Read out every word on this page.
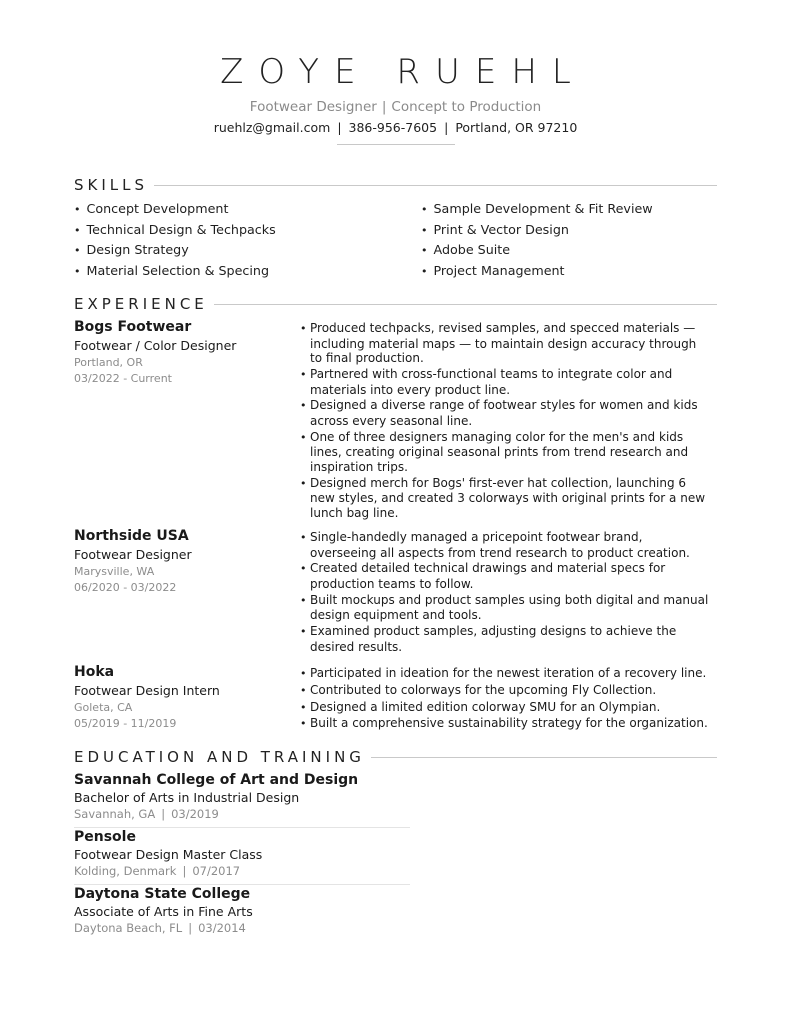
ZOYE RUEHL
Footwear Designer | Concept to Production
ruehlz@gmail.com | 386-956-7605 | Portland, OR 97210
SKILLS
• Concept Development	• Sample Development & Fit Review
• Technical Design & Techpacks	• Print & Vector Design
• Design Strategy	• Adobe Suite
• Material Selection & Specing	• Project Management
EXPERIENCE
Bogs Footwear
Footwear / Color Designer
Portland, OR
03/2022 - Current
• Produced techpacks, revised samples, and specced materials — including material maps — to maintain design accuracy through to final production.
• Partnered with cross-functional teams to integrate color and materials into every product line.
• Designed a diverse range of footwear styles for women and kids across every seasonal line.
• One of three designers managing color for the men's and kids lines, creating original seasonal prints from trend research and inspiration trips.
• Designed merch for Bogs' first-ever hat collection, launching 6 new styles, and created 3 colorways with original prints for a new lunch bag line.
Northside USA
Footwear Designer
Marysville, WA
06/2020 - 03/2022
• Single-handedly managed a pricepoint footwear brand, overseeing all aspects from trend research to product creation.
• Created detailed technical drawings and material specs for production teams to follow.
• Built mockups and product samples using both digital and manual design equipment and tools.
• Examined product samples, adjusting designs to achieve the desired results.
Hoka
Footwear Design Intern
Goleta, CA
05/2019 - 11/2019
• Participated in ideation for the newest iteration of a recovery line.
• Contributed to colorways for the upcoming Fly Collection.
• Designed a limited edition colorway SMU for an Olympian.
• Built a comprehensive sustainability strategy for the organization.
EDUCATION AND TRAINING
Savannah College of Art and Design
Bachelor of Arts in Industrial Design
Savannah, GA | 03/2019
Pensole
Footwear Design Master Class
Kolding, Denmark | 07/2017
Daytona State College
Associate of Arts in Fine Arts
Daytona Beach, FL | 03/2014
